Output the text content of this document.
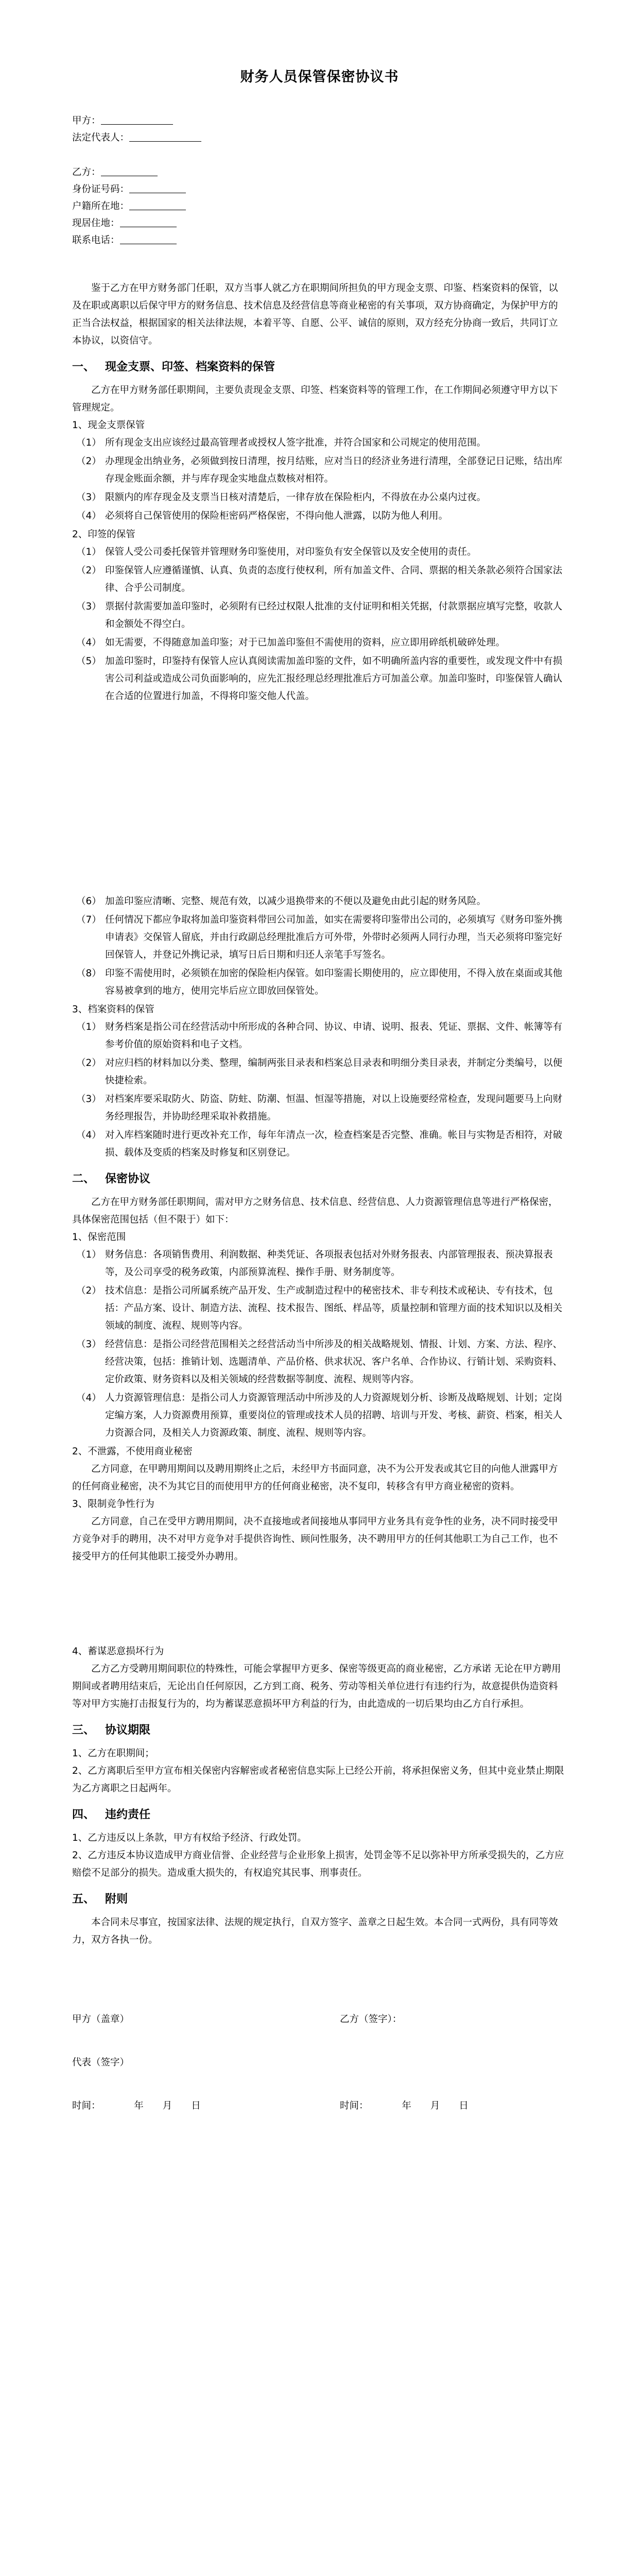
财务人员保管保密协议书

甲方：

法定代表人：

乙方：

身份证号码：

户籍所在地：

现居住地：

联系电话：

鉴于乙方在甲方财务部门任职，双方当事人就乙方在职期间所担负的甲方现金支票、印鉴、档案资料的保管，以及在职或离职以后保守甲方的财务信息、技术信息及经营信息等商业秘密的有关事项，双方协商确定，为保护甲方的正当合法权益，根据国家的相关法律法规，本着平等、自愿、公平、诚信的原则，双方经充分协商一致后，共同订立本协议，以资信守。

一、 现金支票、印签、档案资料的保管

乙方在甲方财务部任职期间，主要负责现金支票、印签、档案资料等的管理工作，在工作期间必须遵守甲方以下管理规定。

1、现金支票保管

（1） 所有现金支出应该经过最高管理者或授权人签字批准，并符合国家和公司规定的使用范围。
（2） 办理现金出纳业务，必须做到按日清理，按月结账，应对当日的经济业务进行清理，全部登记日记账，结出库存现金账面余额，并与库存现金实地盘点数核对相符。
（3） 限额内的库存现金及支票当日核对清楚后，一律存放在保险柜内，不得放在办公桌内过夜。
（4） 必须将自己保管使用的保险柜密码严格保密，不得向他人泄露，以防为他人利用。

2、印签的保管

（1） 保管人受公司委托保管并管理财务印鉴使用，对印鉴负有安全保管以及安全使用的责任。
（2） 印鉴保管人应遵循谨慎、认真、负责的态度行使权利，所有加盖文件、合同、票据的相关条款必须符合国家法律、合乎公司制度。
（3） 票据付款需要加盖印鉴时，必须附有已经过权限人批准的支付证明和相关凭据，付款票据应填写完整，收款人和金额处不得空白。
（4） 如无需要，不得随意加盖印鉴；对于已加盖印鉴但不需使用的资料，应立即用碎纸机破碎处理。
（5） 加盖印鉴时，印鉴持有保管人应认真阅读需加盖印鉴的文件，如不明确所盖内容的重要性，或发现文件中有损害公司利益或造成公司负面影响的，应先汇报经理总经理批准后方可加盖公章。加盖印鉴时，印鉴保管人确认在合适的位置进行加盖，不得将印鉴交他人代盖。
（6） 加盖印鉴应清晰、完整、规范有效，以减少退换带来的不便以及避免由此引起的财务风险。
（7） 任何情况下都应争取将加盖印鉴资料带回公司加盖，如实在需要将印鉴带出公司的，必须填写《财务印鉴外携申请表》交保管人留底，并由行政副总经理批准后方可外带，外带时必须两人同行办理，当天必须将印鉴完好回保管人，并登记外携记录，填写日后日期和归还人亲笔手写签名。
（8） 印鉴不需使用时，必须锁在加密的保险柜内保管。如印鉴需长期使用的，应立即使用，不得入放在桌面或其他容易被拿到的地方，使用完毕后应立即放回保管处。

3、档案资料的保管

（1） 财务档案是指公司在经营活动中所形成的各种合同、协议、申请、说明、报表、凭证、票据、文件、帐簿等有参考价值的原始资料和电子文档。
（2） 对应归档的材料加以分类、整理，编制两张目录表和档案总目录表和明细分类目录表，并制定分类编号，以便快捷检索。
（3） 对档案库要采取防火、防盗、防蛀、防潮、恒温、恒湿等措施，对以上设施要经常检查，发现问题要马上向财务经理报告，并协助经理采取补救措施。
（4） 对入库档案随时进行更改补充工作，每年年清点一次，检查档案是否完整、准确。帐目与实物是否相符，对破损、载体及变质的档案及时修复和区别登记。
二、 保密协议

乙方在甲方财务部任职期间，需对甲方之财务信息、技术信息、经营信息、人力资源管理信息等进行严格保密，具体保密范围包括（但不限于）如下：

1、保密范围

（1） 财务信息：各项销售费用、利润数据、种类凭证、各项报表包括对外财务报表、内部管理报表、预决算报表等，及公司享受的税务政策，内部预算流程、操作手册、财务制度等。
（2） 技术信息：是指公司所属系统产品开发、生产或制造过程中的秘密技术、非专利技术或秘诀、专有技术，包括：产品方案、设计、制造方法、流程、技术报告、图纸、样品等，质量控制和管理方面的技术知识以及相关领域的制度、流程、规则等内容。
（3） 经营信息：是指公司经营范围相关之经营活动当中所涉及的相关战略规划、情报、计划、方案、方法、程序、经营决策，包括：推销计划、选题清单、产品价格、供求状况、客户名单、合作协议、行销计划、采购资料、定价政策、财务资料以及相关领域的经营数据等制度、流程、规则等内容。
（4） 人力资源管理信息：是指公司人力资源管理活动中所涉及的人力资源规划分析、诊断及战略规划、计划；定岗定编方案，人力资源费用预算，重要岗位的管理或技术人员的招聘、培训与开发、考核、薪资、档案，相关人力资源合同，及相关人力资源政策、制度、流程、规则等内容。

2、不泄露，不使用商业秘密

乙方同意，在甲聘用期间以及聘用期终止之后，未经甲方书面同意，决不为公开发表或其它目的向他人泄露甲方的任何商业秘密，决不为其它目的而使用甲方的任何商业秘密，决不复印，转移含有甲方商业秘密的资料。

3、限制竞争性行为

乙方同意，自己在受甲方聘用期间，决不直接地或者间接地从事同甲方业务具有竞争性的业务，决不同时接受甲方竞争对手的聘用，决不对甲方竞争对手提供咨询性、顾问性服务，决不聘用甲方的任何其他职工为自己工作，也不接受甲方的任何其他职工接受外办聘用。

4、蓄谋恶意损坏行为

乙方乙方受聘用期间职位的特殊性，可能会掌握甲方更多、保密等级更高的商业秘密，乙方承诺 无论在甲方聘用期间或者聘用结束后，无论出自任何原因，乙方到工商、税务、劳动等相关单位进行有违约行为，故意提供伪造资料等对甲方实施打击报复行为的，均为蓄谋恶意损坏甲方利益的行为，由此造成的一切后果均由乙方自行承担。

三、 协议期限

1、乙方在职期间；

2、乙方离职后至甲方宣布相关保密内容解密或者秘密信息实际上已经公开前，将承担保密义务，但其中竞业禁止期限为乙方离职之日起两年。

四、 违约责任

1、乙方违反以上条款，甲方有权给予经济、行政处罚。

2、乙方违反本协议造成甲方商业信誉、企业经营与企业形象上损害，处罚金等不足以弥补甲方所承受损失的，乙方应赔偿不足部分的损失。造成重大损失的，有权追究其民事、刑事责任。

五、 附则

本合同未尽事宜，按国家法律、法规的规定执行，自双方签字、盖章之日起生效。本合同一式两份，具有同等效力，双方各执一份。

甲方（盖章）	乙方（签字）：
代表（签字）
时间：　　　　年　　月　　日	时间：　　　　年　　月　　日
